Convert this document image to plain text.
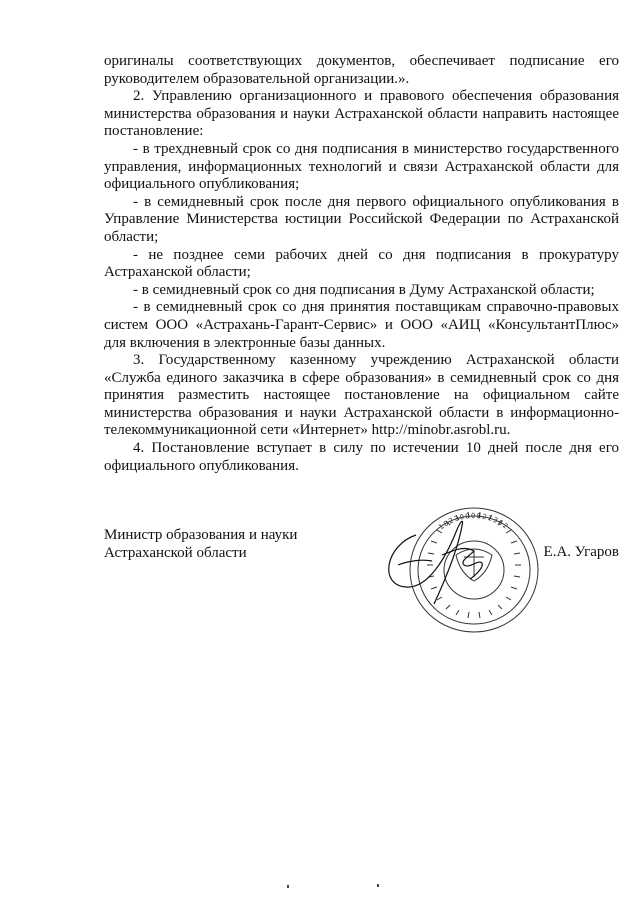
оригиналы соответствующих документов, обеспечивает подписание его
руководителем образовательной организации.».
2. Управлению организационного и правового обеспечения образования
министерства образования и науки Астраханской области направить настоящее
постановление:
- в трехдневный срок со дня подписания в министерство государственного
управления, информационных технологий и связи Астраханской области для
официального опубликования;
- в семидневный срок после дня первого официального опубликования в
Управление Министерства юстиции Российской Федерации по Астраханской
области;
- не позднее семи рабочих дней со дня подписания в прокуратуру
Астраханской области;
- в семидневный срок со дня подписания в Думу Астраханской области;
- в семидневный срок со дня принятия поставщикам справочно-правовых
систем ООО «Астрахань-Гарант-Сервис» и ООО «АИЦ «КонсультантПлюс»
для включения в электронные базы данных.
3. Государственному казенному учреждению Астраханской области
«Служба единого заказчика в сфере образования» в семидневный срок со дня
принятия разместить настоящее постановление на официальном сайте
министерства образования и науки Астраханской области в информационно-
телекоммуникационной сети «Интернет» http://minobr.asrobl.ru.
4. Постановление вступает в силу по истечении 10 дней после дня его
официального опубликования.
Министр образования и науки
Астраханской области
1023000821362
Е.А. Угаров
